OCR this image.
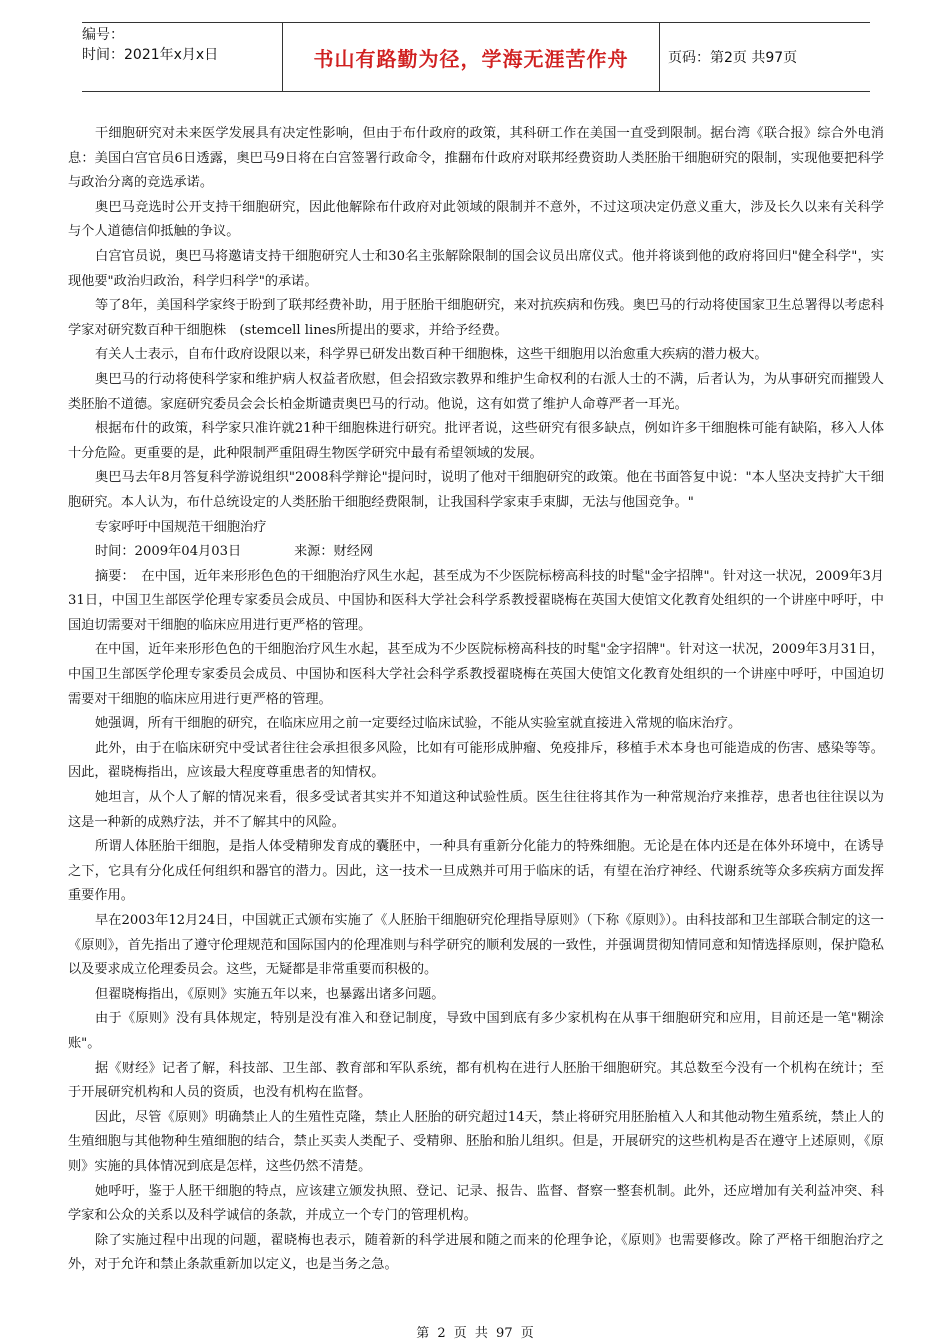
编号：
时间：2021年x月x日	书山有路勤为径，学海无涯苦作舟	页码：第2页 共97页

干细胞研究对未来医学发展具有决定性影响，但由于布什政府的政策，其科研工作在美国一直受到限制。据台湾《联合报》综合外电消息：美国白宫官员6日透露，奥巴马9日将在白宫签署行政命令，推翻布什政府对联邦经费资助人类胚胎干细胞研究的限制，实现他要把科学与政治分离的竞选承诺。

奥巴马竞选时公开支持干细胞研究，因此他解除布什政府对此领域的限制并不意外，不过这项决定仍意义重大，涉及长久以来有关科学与个人道德信仰抵触的争议。

白宫官员说，奥巴马将邀请支持干细胞研究人士和30名主张解除限制的国会议员出席仪式。他并将谈到他的政府将回归"健全科学"，实现他要"政治归政治，科学归科学"的承诺。

等了8年，美国科学家终于盼到了联邦经费补助，用于胚胎干细胞研究，来对抗疾病和伤残。奥巴马的行动将使国家卫生总署得以考虑科学家对研究数百种干细胞株　(stemcell lines所提出的要求，并给予经费。

有关人士表示，自布什政府设限以来，科学界已研发出数百种干细胞株，这些干细胞用以治愈重大疾病的潜力极大。

奥巴马的行动将使科学家和维护病人权益者欣慰，但会招致宗教界和维护生命权利的右派人士的不满，后者认为，为从事研究而摧毁人类胚胎不道德。家庭研究委员会会长柏金斯谴责奥巴马的行动。他说，这有如赏了维护人命尊严者一耳光。

根据布什的政策，科学家只准许就21种干细胞株进行研究。批评者说，这些研究有很多缺点，例如许多干细胞株可能有缺陷，移入人体十分危险。更重要的是，此种限制严重阻碍生物医学研究中最有希望领域的发展。

奥巴马去年8月答复科学游说组织"2008科学辩论"提问时，说明了他对干细胞研究的政策。他在书面答复中说："本人坚决支持扩大干细胞研究。本人认为，布什总统设定的人类胚胎干细胞经费限制，让我国科学家束手束脚，无法与他国竞争。"

专家呼吁中国规范干细胞治疗

时间：2009年04月03日　　　　来源：财经网

摘要：　在中国，近年来形形色色的干细胞治疗风生水起，甚至成为不少医院标榜高科技的时髦"金字招牌"。针对这一状况，2009年3月31日，中国卫生部医学伦理专家委员会成员、中国协和医科大学社会科学系教授翟晓梅在英国大使馆文化教育处组织的一个讲座中呼吁，中国迫切需要对干细胞的临床应用进行更严格的管理。

在中国，近年来形形色色的干细胞治疗风生水起，甚至成为不少医院标榜高科技的时髦"金字招牌"。针对这一状况，2009年3月31日，中国卫生部医学伦理专家委员会成员、中国协和医科大学社会科学系教授翟晓梅在英国大使馆文化教育处组织的一个讲座中呼吁，中国迫切需要对干细胞的临床应用进行更严格的管理。

她强调，所有干细胞的研究，在临床应用之前一定要经过临床试验，不能从实验室就直接进入常规的临床治疗。

此外，由于在临床研究中受试者往往会承担很多风险，比如有可能形成肿瘤、免疫排斥，移植手术本身也可能造成的伤害、感染等等。因此，翟晓梅指出，应该最大程度尊重患者的知情权。

她坦言，从个人了解的情况来看，很多受试者其实并不知道这种试验性质。医生往往将其作为一种常规治疗来推荐，患者也往往误以为这是一种新的成熟疗法，并不了解其中的风险。

所谓人体胚胎干细胞，是指人体受精卵发育成的囊胚中，一种具有重新分化能力的特殊细胞。无论是在体内还是在体外环境中，在诱导之下，它具有分化成任何组织和器官的潜力。因此，这一技术一旦成熟并可用于临床的话，有望在治疗神经、代谢系统等众多疾病方面发挥重要作用。

早在2003年12月24日，中国就正式颁布实施了《人胚胎干细胞研究伦理指导原则》（下称《原则》）。由科技部和卫生部联合制定的这一《原则》，首先指出了遵守伦理规范和国际国内的伦理准则与科学研究的顺利发展的一致性，并强调贯彻知情同意和知情选择原则，保护隐私以及要求成立伦理委员会。这些，无疑都是非常重要而积极的。

但翟晓梅指出，《原则》实施五年以来，也暴露出诸多问题。

由于《原则》没有具体规定，特别是没有准入和登记制度，导致中国到底有多少家机构在从事干细胞研究和应用，目前还是一笔"糊涂账"。

据《财经》记者了解，科技部、卫生部、教育部和军队系统，都有机构在进行人胚胎干细胞研究。其总数至今没有一个机构在统计；至于开展研究机构和人员的资质，也没有机构在监督。

因此，尽管《原则》明确禁止人的生殖性克隆，禁止人胚胎的研究超过14天，禁止将研究用胚胎植入人和其他动物生殖系统，禁止人的生殖细胞与其他物种生殖细胞的结合，禁止买卖人类配子、受精卵、胚胎和胎儿组织。但是，开展研究的这些机构是否在遵守上述原则，《原则》实施的具体情况到底是怎样，这些仍然不清楚。

她呼吁，鉴于人胚干细胞的特点，应该建立颁发执照、登记、记录、报告、监督、督察一整套机制。此外，还应增加有关利益冲突、科学家和公众的关系以及科学诚信的条款，并成立一个专门的管理机构。

除了实施过程中出现的问题，翟晓梅也表示，随着新的科学进展和随之而来的伦理争论，《原则》也需要修改。除了严格干细胞治疗之外，对于允许和禁止条款重新加以定义，也是当务之急。

第 2 页 共 97 页
